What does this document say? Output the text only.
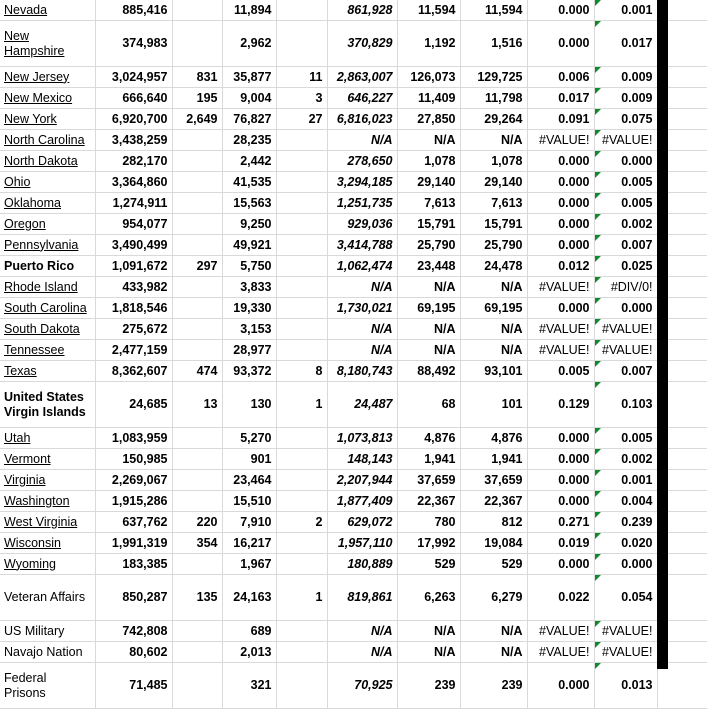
Nevada	885,416		11,894		861,928	11,594	11,594	0.000	0.001	
New Hampshire	374,983		2,962		370,829	1,192	1,516	0.000	0.017	
New Jersey	3,024,957	831	35,877	11	2,863,007	126,073	129,725	0.006	0.009	
New Mexico	666,640	195	9,004	3	646,227	11,409	11,798	0.017	0.009	
New York	6,920,700	2,649	76,827	27	6,816,023	27,850	29,264	0.091	0.075	
North Carolina	3,438,259		28,235		N/A	N/A	N/A	#VALUE!	#VALUE!	
North Dakota	282,170		2,442		278,650	1,078	1,078	0.000	0.000	
Ohio	3,364,860		41,535		3,294,185	29,140	29,140	0.000	0.005	
Oklahoma	1,274,911		15,563		1,251,735	7,613	7,613	0.000	0.005	
Oregon	954,077		9,250		929,036	15,791	15,791	0.000	0.002	
Pennsylvania	3,490,499		49,921		3,414,788	25,790	25,790	0.000	0.007	
Puerto Rico	1,091,672	297	5,750		1,062,474	23,448	24,478	0.012	0.025	
Rhode Island	433,982		3,833		N/A	N/A	N/A	#VALUE!	#DIV/0!	
South Carolina	1,818,546		19,330		1,730,021	69,195	69,195	0.000	0.000	
South Dakota	275,672		3,153		N/A	N/A	N/A	#VALUE!	#VALUE!	
Tennessee	2,477,159		28,977		N/A	N/A	N/A	#VALUE!	#VALUE!	
Texas	8,362,607	474	93,372	8	8,180,743	88,492	93,101	0.005	0.007	
United States Virgin Islands	24,685	13	130	1	24,487	68	101	0.129	0.103	
Utah	1,083,959		5,270		1,073,813	4,876	4,876	0.000	0.005	
Vermont	150,985		901		148,143	1,941	1,941	0.000	0.002	
Virginia	2,269,067		23,464		2,207,944	37,659	37,659	0.000	0.001	
Washington	1,915,286		15,510		1,877,409	22,367	22,367	0.000	0.004	
West Virginia	637,762	220	7,910	2	629,072	780	812	0.271	0.239	
Wisconsin	1,991,319	354	16,217		1,957,110	17,992	19,084	0.019	0.020	
Wyoming	183,385		1,967		180,889	529	529	0.000	0.000	
Veteran Affairs	850,287	135	24,163	1	819,861	6,263	6,279	0.022	0.054	
US Military	742,808		689		N/A	N/A	N/A	#VALUE!	#VALUE!	
Navajo Nation	80,602		2,013		N/A	N/A	N/A	#VALUE!	#VALUE!	
Federal Prisons	71,485		321		70,925	239	239	0.000	0.013	
